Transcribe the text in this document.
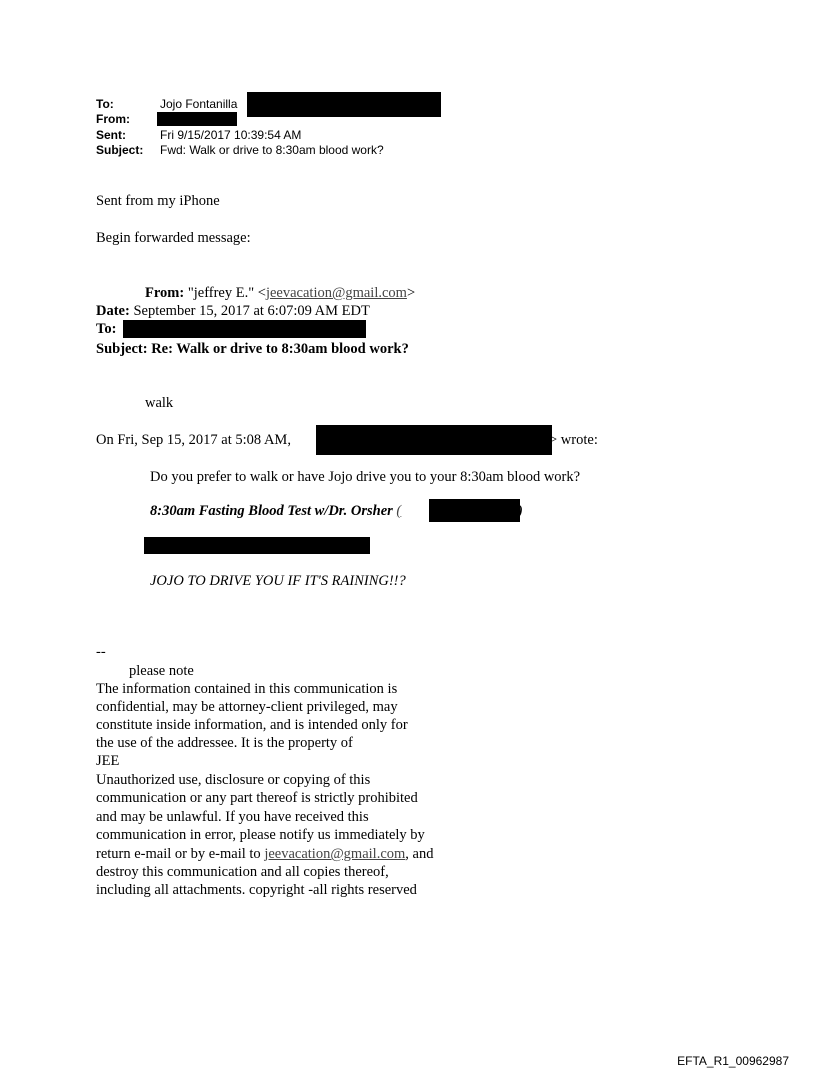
To:	Jojo Fontanilla
From:
Sent:	Fri 9/15/2017 10:39:54 AM
Subject: Fwd: Walk or drive to 8:30am blood work?
Sent from my iPhone
Begin forwarded message:
From: "jeffrey E." <jeevacation@gmail.com>
Date: September 15, 2017 at 6:07:09 AM EDT
To:
Subject: Re: Walk or drive to 8:30am blood work?
walk
On Fri, Sep 15, 2017 at 5:08 AM,	> wrote:
Do you prefer to walk or have Jojo drive you to your 8:30am blood work?
8:30am Fasting Blood Test w/Dr. Orsher (	)
JOJO TO DRIVE YOU IF IT'S RAINING!!?
--
please note
The information contained in this communication is
confidential, may be attorney-client privileged, may
constitute inside information, and is intended only for
the use of the addressee. It is the property of
JEE
Unauthorized use, disclosure or copying of this
communication or any part thereof is strictly prohibited
and may be unlawful. If you have received this
communication in error, please notify us immediately by
return e-mail or by e-mail to jeevacation@gmail.com, and
destroy this communication and all copies thereof,
including all attachments. copyright -all rights reserved
EFTA_R1_00962987
